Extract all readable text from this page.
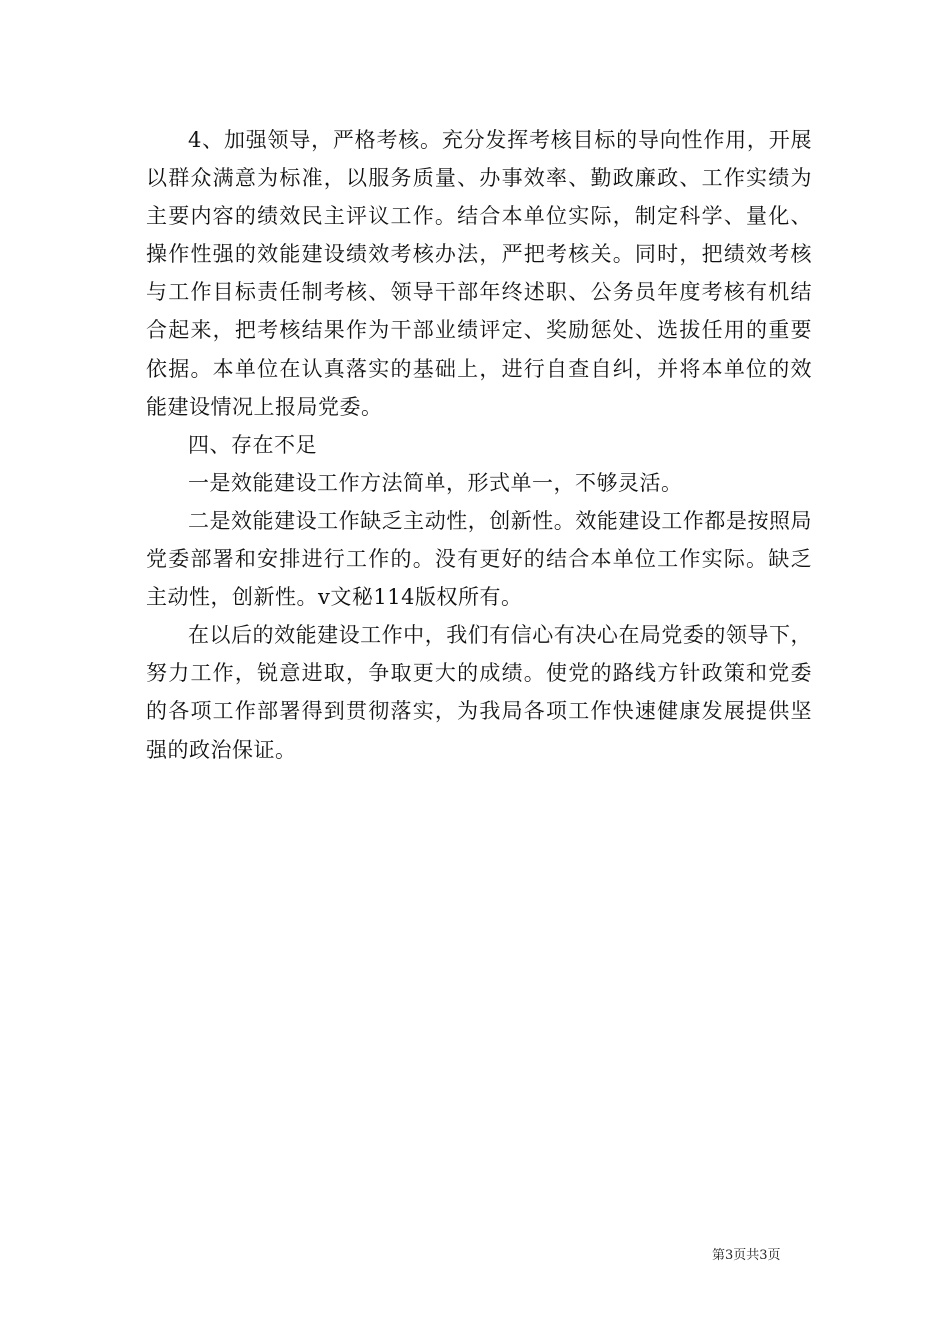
4、加强领导，严格考核。充分发挥考核目标的导向性作用，开展以群众满意为标准，以服务质量、办事效率、勤政廉政、工作实绩为主要内容的绩效民主评议工作。结合本单位实际，制定科学、量化、操作性强的效能建设绩效考核办法，严把考核关。同时，把绩效考核与工作目标责任制考核、领导干部年终述职、公务员年度考核有机结合起来，把考核结果作为干部业绩评定、奖励惩处、选拔任用的重要依据。本单位在认真落实的基础上，进行自查自纠，并将本单位的效能建设情况上报局党委。

四、存在不足

一是效能建设工作方法简单，形式单一，不够灵活。

二是效能建设工作缺乏主动性，创新性。效能建设工作都是按照局党委部署和安排进行工作的。没有更好的结合本单位工作实际。缺乏主动性，创新性。v文秘114版权所有。

在以后的效能建设工作中，我们有信心有决心在局党委的领导下，努力工作，锐意进取，争取更大的成绩。使党的路线方针政策和党委的各项工作部署得到贯彻落实，为我局各项工作快速健康发展提供坚强的政治保证。

第3页共3页
